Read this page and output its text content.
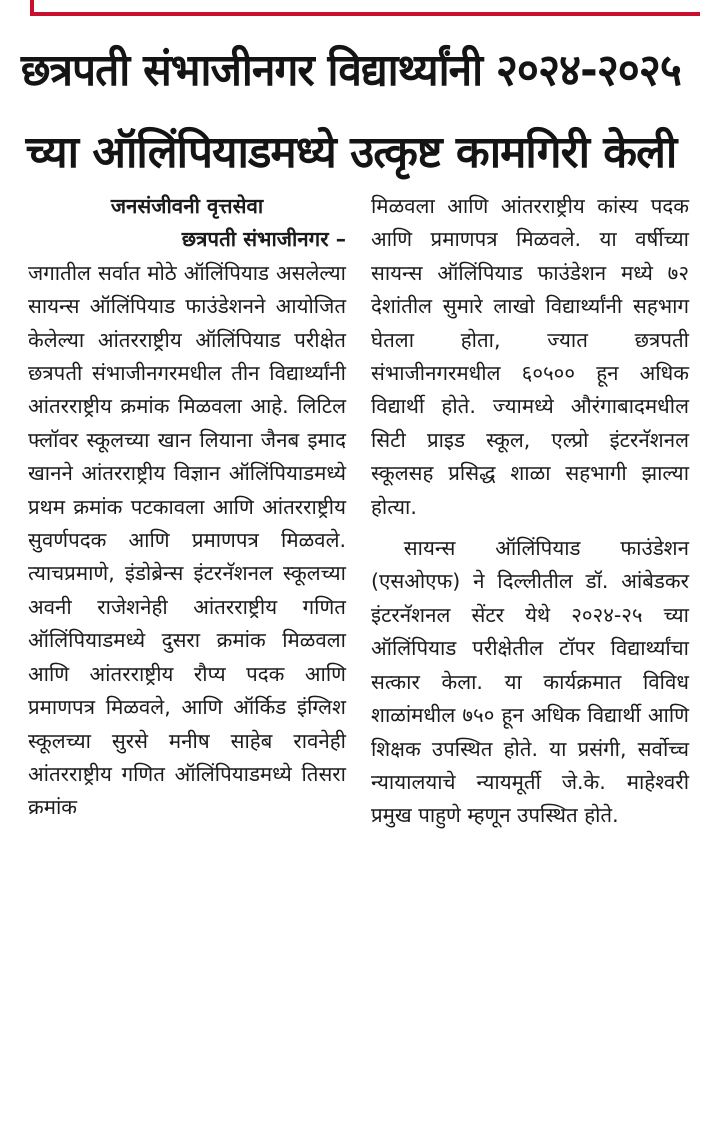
छत्रपती संभाजीनगर विद्यार्थ्यांनी २०२४-२०२५
च्या ऑलिंपियाडमध्ये उत्कृष्ट कामगिरी केली

जनसंजीवनी वृत्तसेवा

छत्रपती संभाजीनगर –

जगातील सर्वात मोठे ऑलिंपियाड असलेल्या सायन्स ऑलिंपियाड फाउंडेशनने आयोजित केलेल्या आंतरराष्ट्रीय ऑलिंपियाड परीक्षेत छत्रपती संभाजीनगरमधील तीन विद्यार्थ्यांनी आंतरराष्ट्रीय क्रमांक मिळवला आहे. लिटिल फ्लॉवर स्कूलच्या खान लियाना जैनब इमाद खानने आंतरराष्ट्रीय विज्ञान ऑलिंपियाडमध्ये प्रथम क्रमांक पटकावला आणि आंतरराष्ट्रीय सुवर्णपदक आणि प्रमाणपत्र मिळवले. त्याचप्रमाणे, इंडोब्रेन्स इंटरनॅशनल स्कूलच्या अवनी राजेशनेही आंतरराष्ट्रीय गणित ऑलिंपियाडमध्ये दुसरा क्रमांक मिळवला आणि आंतरराष्ट्रीय रौप्य पदक आणि प्रमाणपत्र मिळवले, आणि ऑर्किड इंग्लिश स्कूलच्या सुरसे मनीष साहेब रावनेही आंतरराष्ट्रीय गणित ऑलिंपियाडमध्ये तिसरा क्रमांक

मिळवला आणि आंतरराष्ट्रीय कांस्य पदक आणि प्रमाणपत्र मिळवले. या वर्षीच्या सायन्स ऑलिंपियाड फाउंडेशन मध्ये ७२ देशांतील सुमारे लाखो विद्यार्थ्यांनी सहभाग घेतला होता, ज्यात छत्रपती संभाजीनगरमधील ६०५०० हून अधिक विद्यार्थी होते. ज्यामध्ये औरंगाबादमधील सिटी प्राइड स्कूल, एल्प्रो इंटरनॅशनल स्कूलसह प्रसिद्ध शाळा सहभागी झाल्या होत्या.

सायन्स ऑलिंपियाड फाउंडेशन (एसओएफ) ने दिल्लीतील डॉ. आंबेडकर इंटरनॅशनल सेंटर येथे २०२४-२५ च्या ऑलिंपियाड परीक्षेतील टॉपर विद्यार्थ्यांचा सत्कार केला. या कार्यक्रमात विविध शाळांमधील ७५० हून अधिक विद्यार्थी आणि शिक्षक उपस्थित होते. या प्रसंगी, सर्वोच्च न्यायालयाचे न्यायमूर्ती जे.के. माहेश्वरी प्रमुख पाहुणे म्हणून उपस्थित होते.
